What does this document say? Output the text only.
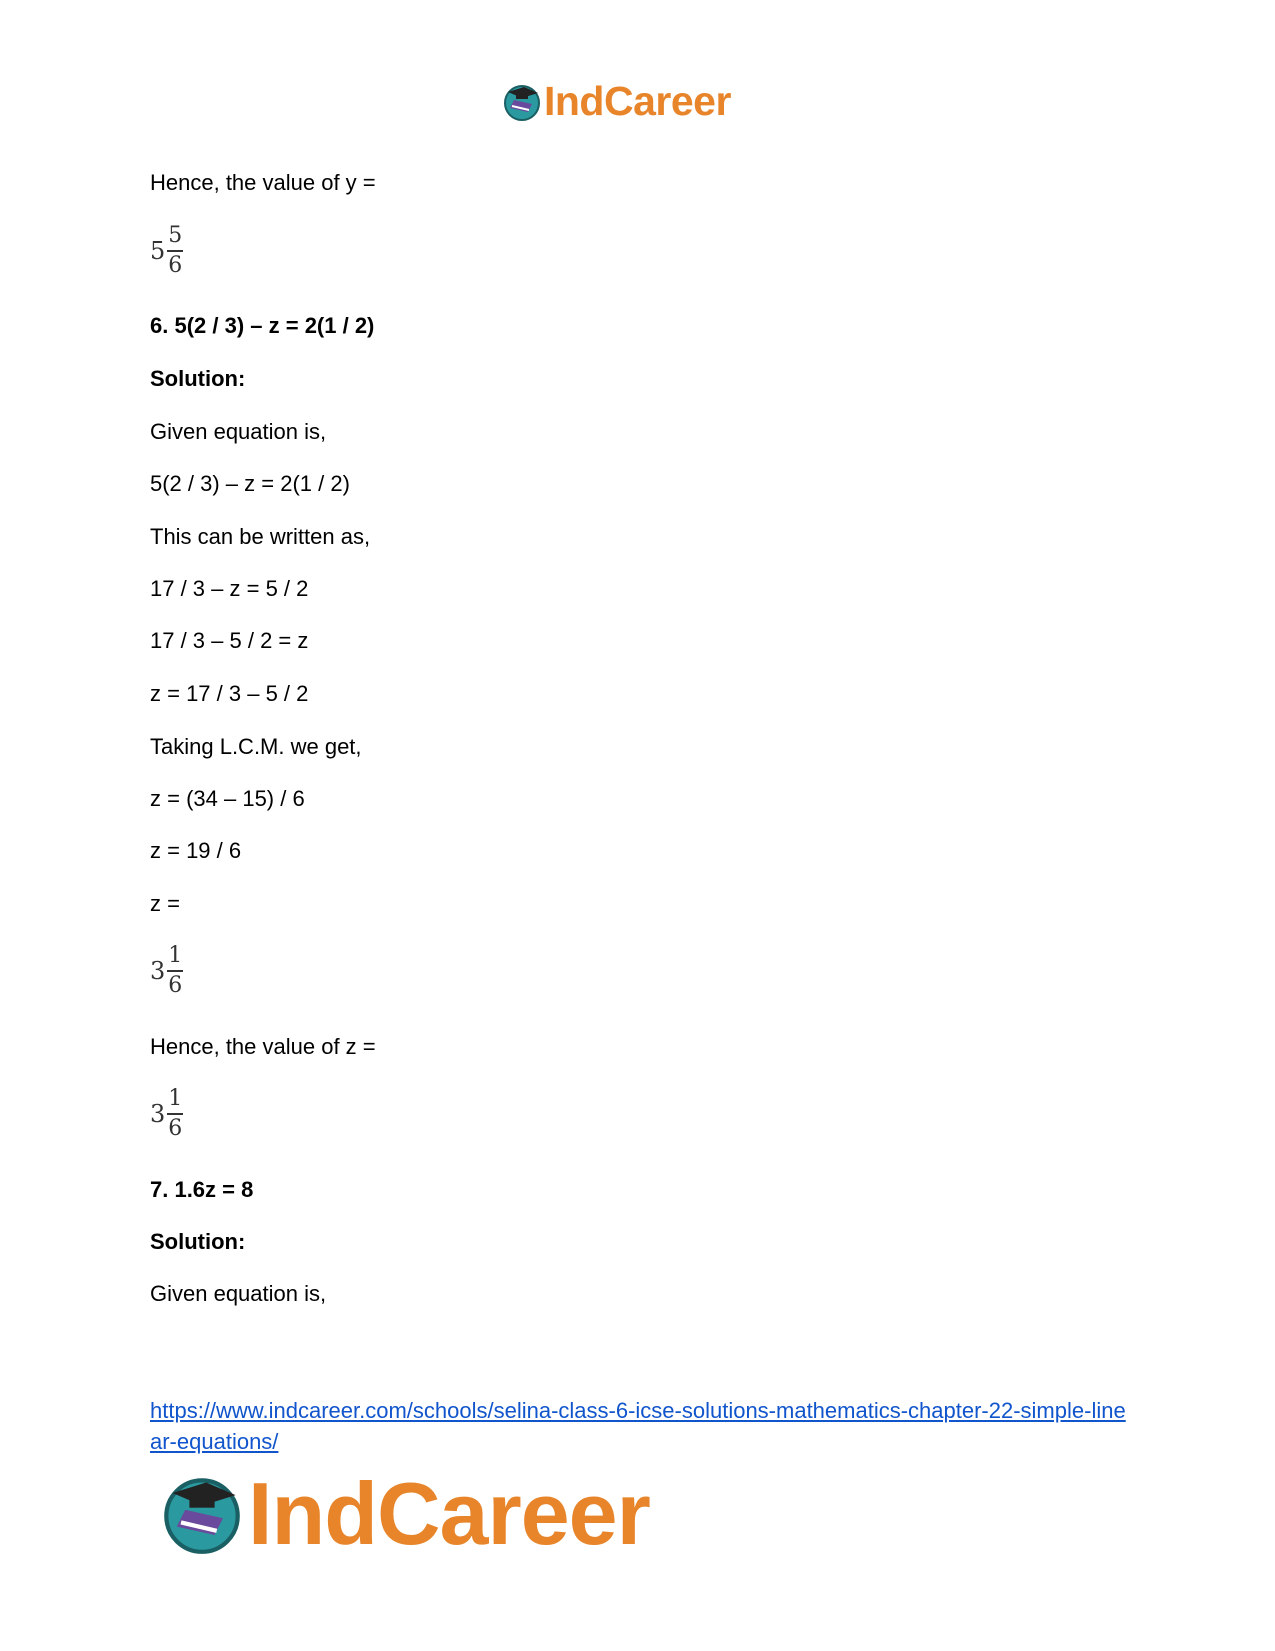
IndCareer
Hence, the value of y =
$5 \frac{5}{6}$
6. 5(2 / 3) – z = 2(1 / 2)
Solution:
Given equation is,
5(2 / 3) – z = 2(1 / 2)
This can be written as,
17 / 3 – z = 5 / 2
17 / 3 – 5 / 2 = z
z = 17 / 3 – 5 / 2
Taking L.C.M. we get,
z = (34 – 15) / 6
z = 19 / 6
z =
$3 \frac{1}{6}$
Hence, the value of z =
$3 \frac{1}{6}$
7. 1.6z = 8
Solution:
Given equation is,
https://www.indcareer.com/schools/selina-class-6-icse-solutions-mathematics-chapter-22-simple-linear-equations/
IndCareer
